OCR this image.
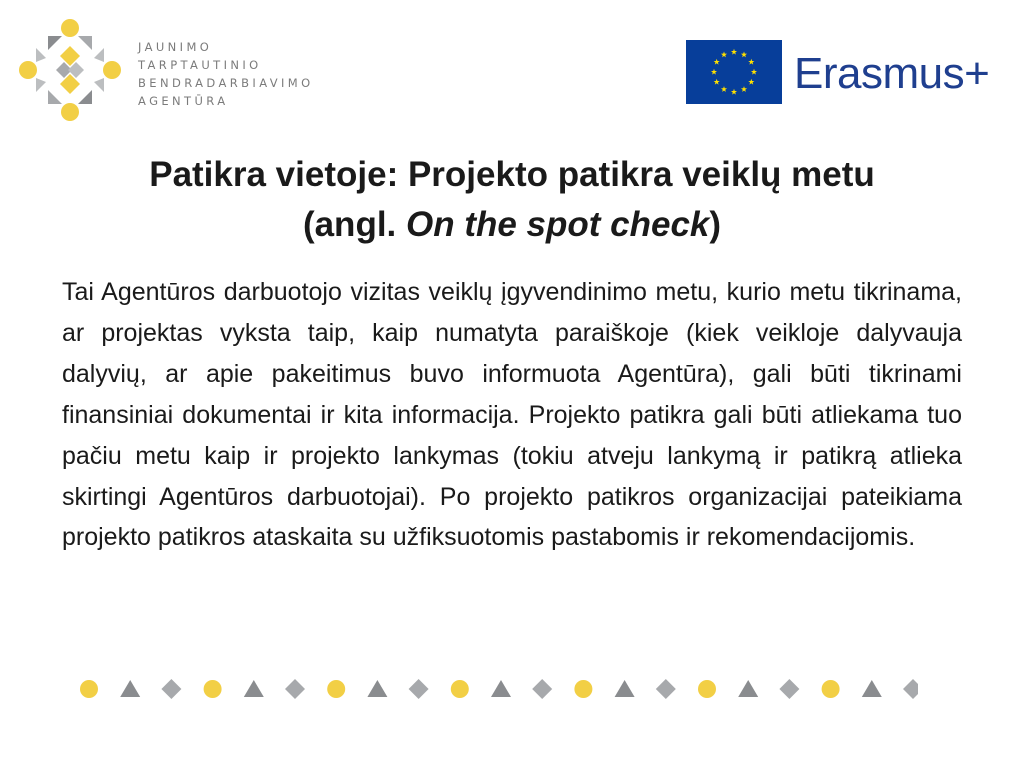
JAUNIMO
TARPTAUTINIO
BENDRADARBIAVIMO
AGENTŪRA
Erasmus+
Patikra vietoje: Projekto patikra veiklų metu
(angl. On the spot check)

Tai Agentūros darbuotojo vizitas veiklų įgyvendinimo metu, kurio metu tikrinama, ar projektas vyksta taip, kaip numatyta paraiškoje (kiek veikloje dalyvauja dalyvių, ar apie pakeitimus buvo informuota Agentūra), gali būti tikrinami finansiniai dokumentai ir kita informacija. Projekto patikra gali būti atliekama tuo pačiu metu kaip ir projekto lankymas (tokiu atveju lankymą ir patikrą atlieka skirtingi Agentūros darbuotojai). Po projekto patikros organizacijai pateikiama projekto patikros ataskaita su užfiksuotomis pastabomis ir rekomendacijomis.
